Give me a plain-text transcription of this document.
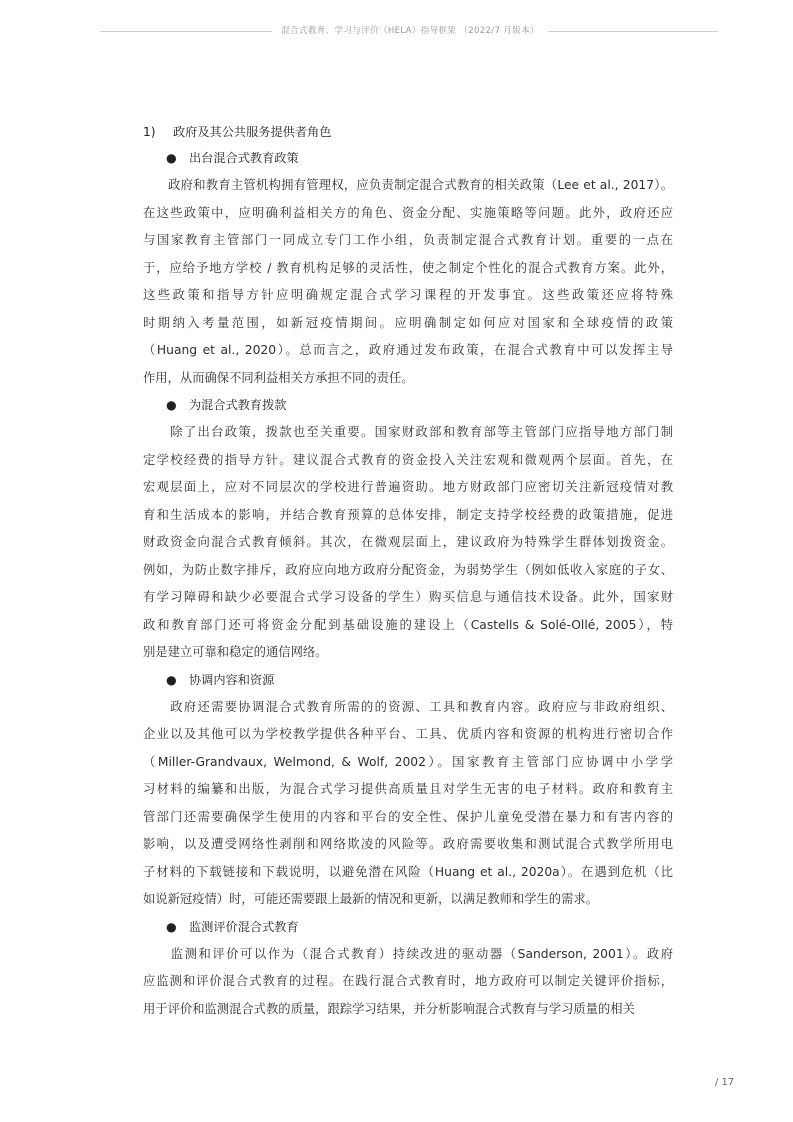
混合式教育、学习与评价（HELA）指导框架 （2022/7 月版本）
1) 政府及其公共服务提供者角色
● 出台混合式教育政策
　　政府和教育主管机构拥有管理权，应负责制定混合式教育的相关政策（Lee et al., 2017）。
在这些政策中，应明确利益相关方的角色、资金分配、实施策略等问题。此外，政府还应
与国家教育主管部门一同成立专门工作小组，负责制定混合式教育计划。重要的一点在
于，应给予地方学校 / 教育机构足够的灵活性，使之制定个性化的混合式教育方案。此外，
这些政策和指导方针应明确规定混合式学习课程的开发事宜。这些政策还应将特殊
时期纳入考量范围，如新冠疫情期间。应明确制定如何应对国家和全球疫情的政策
（Huang et al., 2020）。总而言之，政府通过发布政策，在混合式教育中可以发挥主导
作用，从而确保不同利益相关方承担不同的责任。
● 为混合式教育拨款
　　除了出台政策，拨款也至关重要。国家财政部和教育部等主管部门应指导地方部门制
定学校经费的指导方针。建议混合式教育的资金投入关注宏观和微观两个层面。首先，在
宏观层面上，应对不同层次的学校进行普遍资助。地方财政部门应密切关注新冠疫情对教
育和生活成本的影响，并结合教育预算的总体安排，制定支持学校经费的政策措施，促进
财政资金向混合式教育倾斜。其次，在微观层面上，建议政府为特殊学生群体划拨资金。
例如，为防止数字排斥，政府应向地方政府分配资金，为弱势学生（例如低收入家庭的子女、
有学习障碍和缺少必要混合式学习设备的学生）购买信息与通信技术设备。此外，国家财
政和教育部门还可将资金分配到基础设施的建设上（Castells & Solé-Ollé, 2005），特
别是建立可靠和稳定的通信网络。
● 协调内容和资源
　　政府还需要协调混合式教育所需的的资源、工具和教育内容。政府应与非政府组织、
企业以及其他可以为学校教学提供各种平台、工具、优质内容和资源的机构进行密切合作
（Miller-Grandvaux, Welmond, & Wolf, 2002）。国家教育主管部门应协调中小学学
习材料的编纂和出版，为混合式学习提供高质量且对学生无害的电子材料。政府和教育主
管部门还需要确保学生使用的内容和平台的安全性、保护儿童免受潜在暴力和有害内容的
影响，以及遭受网络性剥削和网络欺凌的风险等。政府需要收集和测试混合式教学所用电
子材料的下载链接和下载说明，以避免潜在风险（Huang et al., 2020a）。在遇到危机（比
如说新冠疫情）时，可能还需要跟上最新的情况和更新，以满足教师和学生的需求。
● 监测评价混合式教育
　　监测和评价可以作为（混合式教育）持续改进的驱动器（Sanderson, 2001）。政府
应监测和评价混合式教育的过程。在践行混合式教育时，地方政府可以制定关键评价指标，
用于评价和监测混合式教的质量，跟踪学习结果，并分析影响混合式教育与学习质量的相关
/ 17
